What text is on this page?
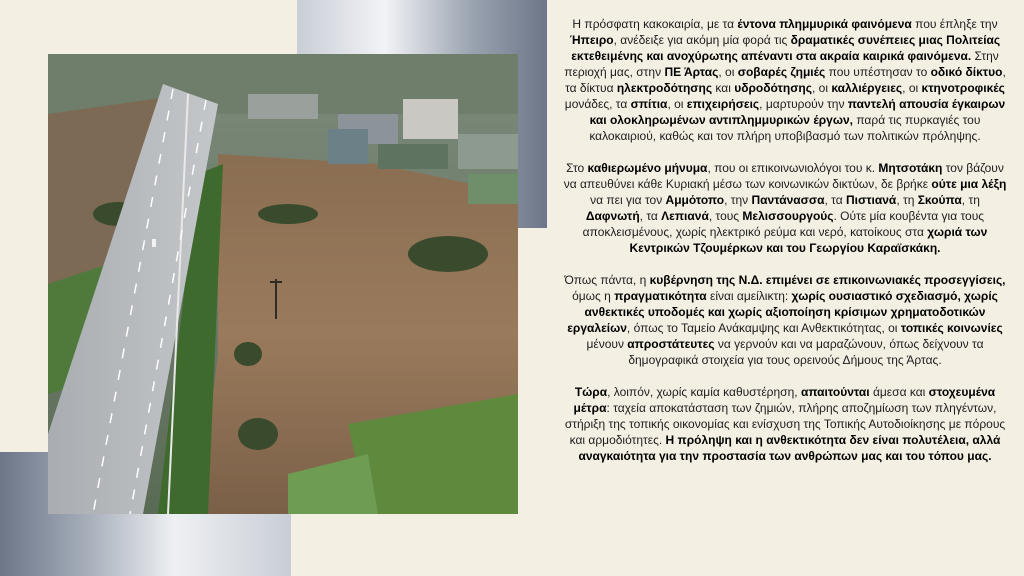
Η πρόσφατη κακοκαιρία, με τα έντονα πλημμυρικά φαινόμενα που έπληξε την Ήπειρο, ανέδειξε για ακόμη μία φορά τις δραματικές συνέπειες μιας Πολιτείας εκτεθειμένης και ανοχύρωτης απέναντι στα ακραία καιρικά φαινόμενα. Στην περιοχή μας, στην ΠΕ Άρτας, οι σοβαρές ζημιές που υπέστησαν το οδικό δίκτυο, τα δίκτυα ηλεκτροδότησης και υδροδότησης, οι καλλιέργειες, οι κτηνοτροφικές μονάδες, τα σπίτια, οι επιχειρήσεις, μαρτυρούν την παντελή απουσία έγκαιρων και ολοκληρωμένων αντιπλημμυρικών έργων, παρά τις πυρκαγιές του καλοκαιριού, καθώς και τον πλήρη υποβιβασμό των πολιτικών πρόληψης.

Στο καθιερωμένο μήνυμα, που οι επικοινωνιολόγοι του κ. Μητσοτάκη τον βάζουν να απευθύνει κάθε Κυριακή μέσω των κοινωνικών δικτύων, δε βρήκε ούτε μια λέξη να πει για τον Αμμότοπο, την Παντάνασσα, τα Πιστιανά, τη Σκούπα, τη Δαφνωτή, τα Λεπιανά, τους Μελισσουργούς. Ούτε μία κουβέντα για τους αποκλεισμένους, χωρίς ηλεκτρικό ρεύμα και νερό, κατοίκους στα χωριά των Κεντρικών Τζουμέρκων και του Γεωργίου Καραϊσκάκη.

Όπως πάντα, η κυβέρνηση της Ν.Δ. επιμένει σε επικοινωνιακές προσεγγίσεις, όμως η πραγματικότητα είναι αμείλικτη: χωρίς ουσιαστικό σχεδιασμό, χωρίς ανθεκτικές υποδομές και χωρίς αξιοποίηση κρίσιμων χρηματοδοτικών εργαλείων, όπως το Ταμείο Ανάκαμψης και Ανθεκτικότητας, οι τοπικές κοινωνίες μένουν απροστάτευτες να γερνούν και να μαραζώνουν, όπως δείχνουν τα δημογραφικά στοιχεία για τους ορεινούς Δήμους της Άρτας.

Τώρα, λοιπόν, χωρίς καμία καθυστέρηση, απαιτούνται άμεσα και στοχευμένα μέτρα: ταχεία αποκατάσταση των ζημιών, πλήρης αποζημίωση των πληγέντων, στήριξη της τοπικής οικονομίας και ενίσχυση της Τοπικής Αυτοδιοίκησης με πόρους και αρμοδιότητες. Η πρόληψη και η ανθεκτικότητα δεν είναι πολυτέλεια, αλλά αναγκαιότητα για την προστασία των ανθρώπων μας και του τόπου μας.
